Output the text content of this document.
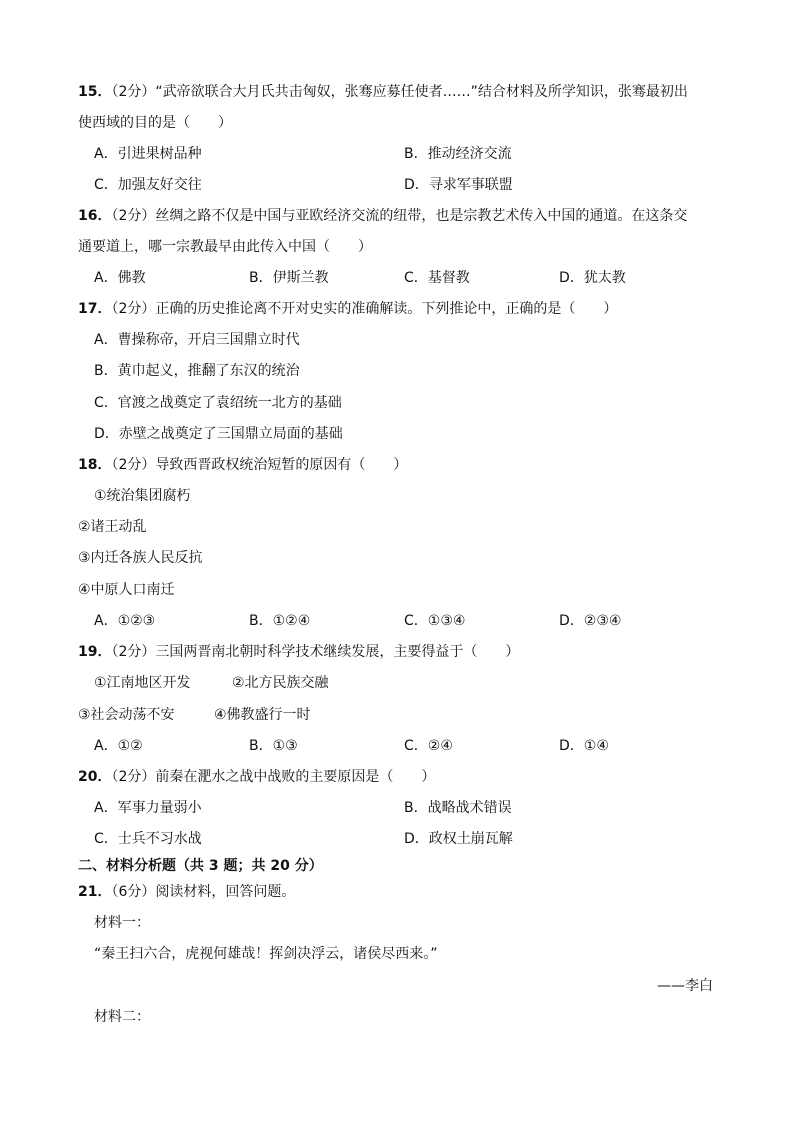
15．（2分）“武帝欲联合大月氏共击匈奴，张骞应募任使者……”结合材料及所学知识，张骞最初出
使西域的目的是（　　）
A．引进果树品种	B．推动经济交流
C．加强友好交往	D．寻求军事联盟
16．（2分）丝绸之路不仅是中国与亚欧经济交流的纽带，也是宗教艺术传入中国的通道。在这条交
通要道上，哪一宗教最早由此传入中国（　　）
A．佛教	B．伊斯兰教	C．基督教	D．犹太教
17．（2分）正确的历史推论离不开对史实的准确解读。下列推论中，正确的是（　　）
A．曹操称帝，开启三国鼎立时代
B．黄巾起义，推翻了东汉的统治
C．官渡之战奠定了袁绍统一北方的基础
D．赤壁之战奠定了三国鼎立局面的基础
18．（2分）导致西晋政权统治短暂的原因有（　　）
①统治集团腐朽
②诸王动乱
③内迁各族人民反抗
④中原人口南迁
A．①②③	B．①②④	C．①③④	D．②③④
19．（2分）三国两晋南北朝时科学技术继续发展，主要得益于（　　）
①江南地区开发	②北方民族交融
③社会动荡不安	④佛教盛行一时
A．①②	B．①③	C．②④	D．①④
20．（2分）前秦在淝水之战中战败的主要原因是（　　）
A．军事力量弱小	B．战略战术错误
C．士兵不习水战	D．政权土崩瓦解
二、材料分析题（共 3 题；共 20 分）
21．（6分）阅读材料，回答问题。
材料一：
“秦王扫六合，虎视何雄哉！挥剑决浮云，诸侯尽西来。”
——李白
材料二：
